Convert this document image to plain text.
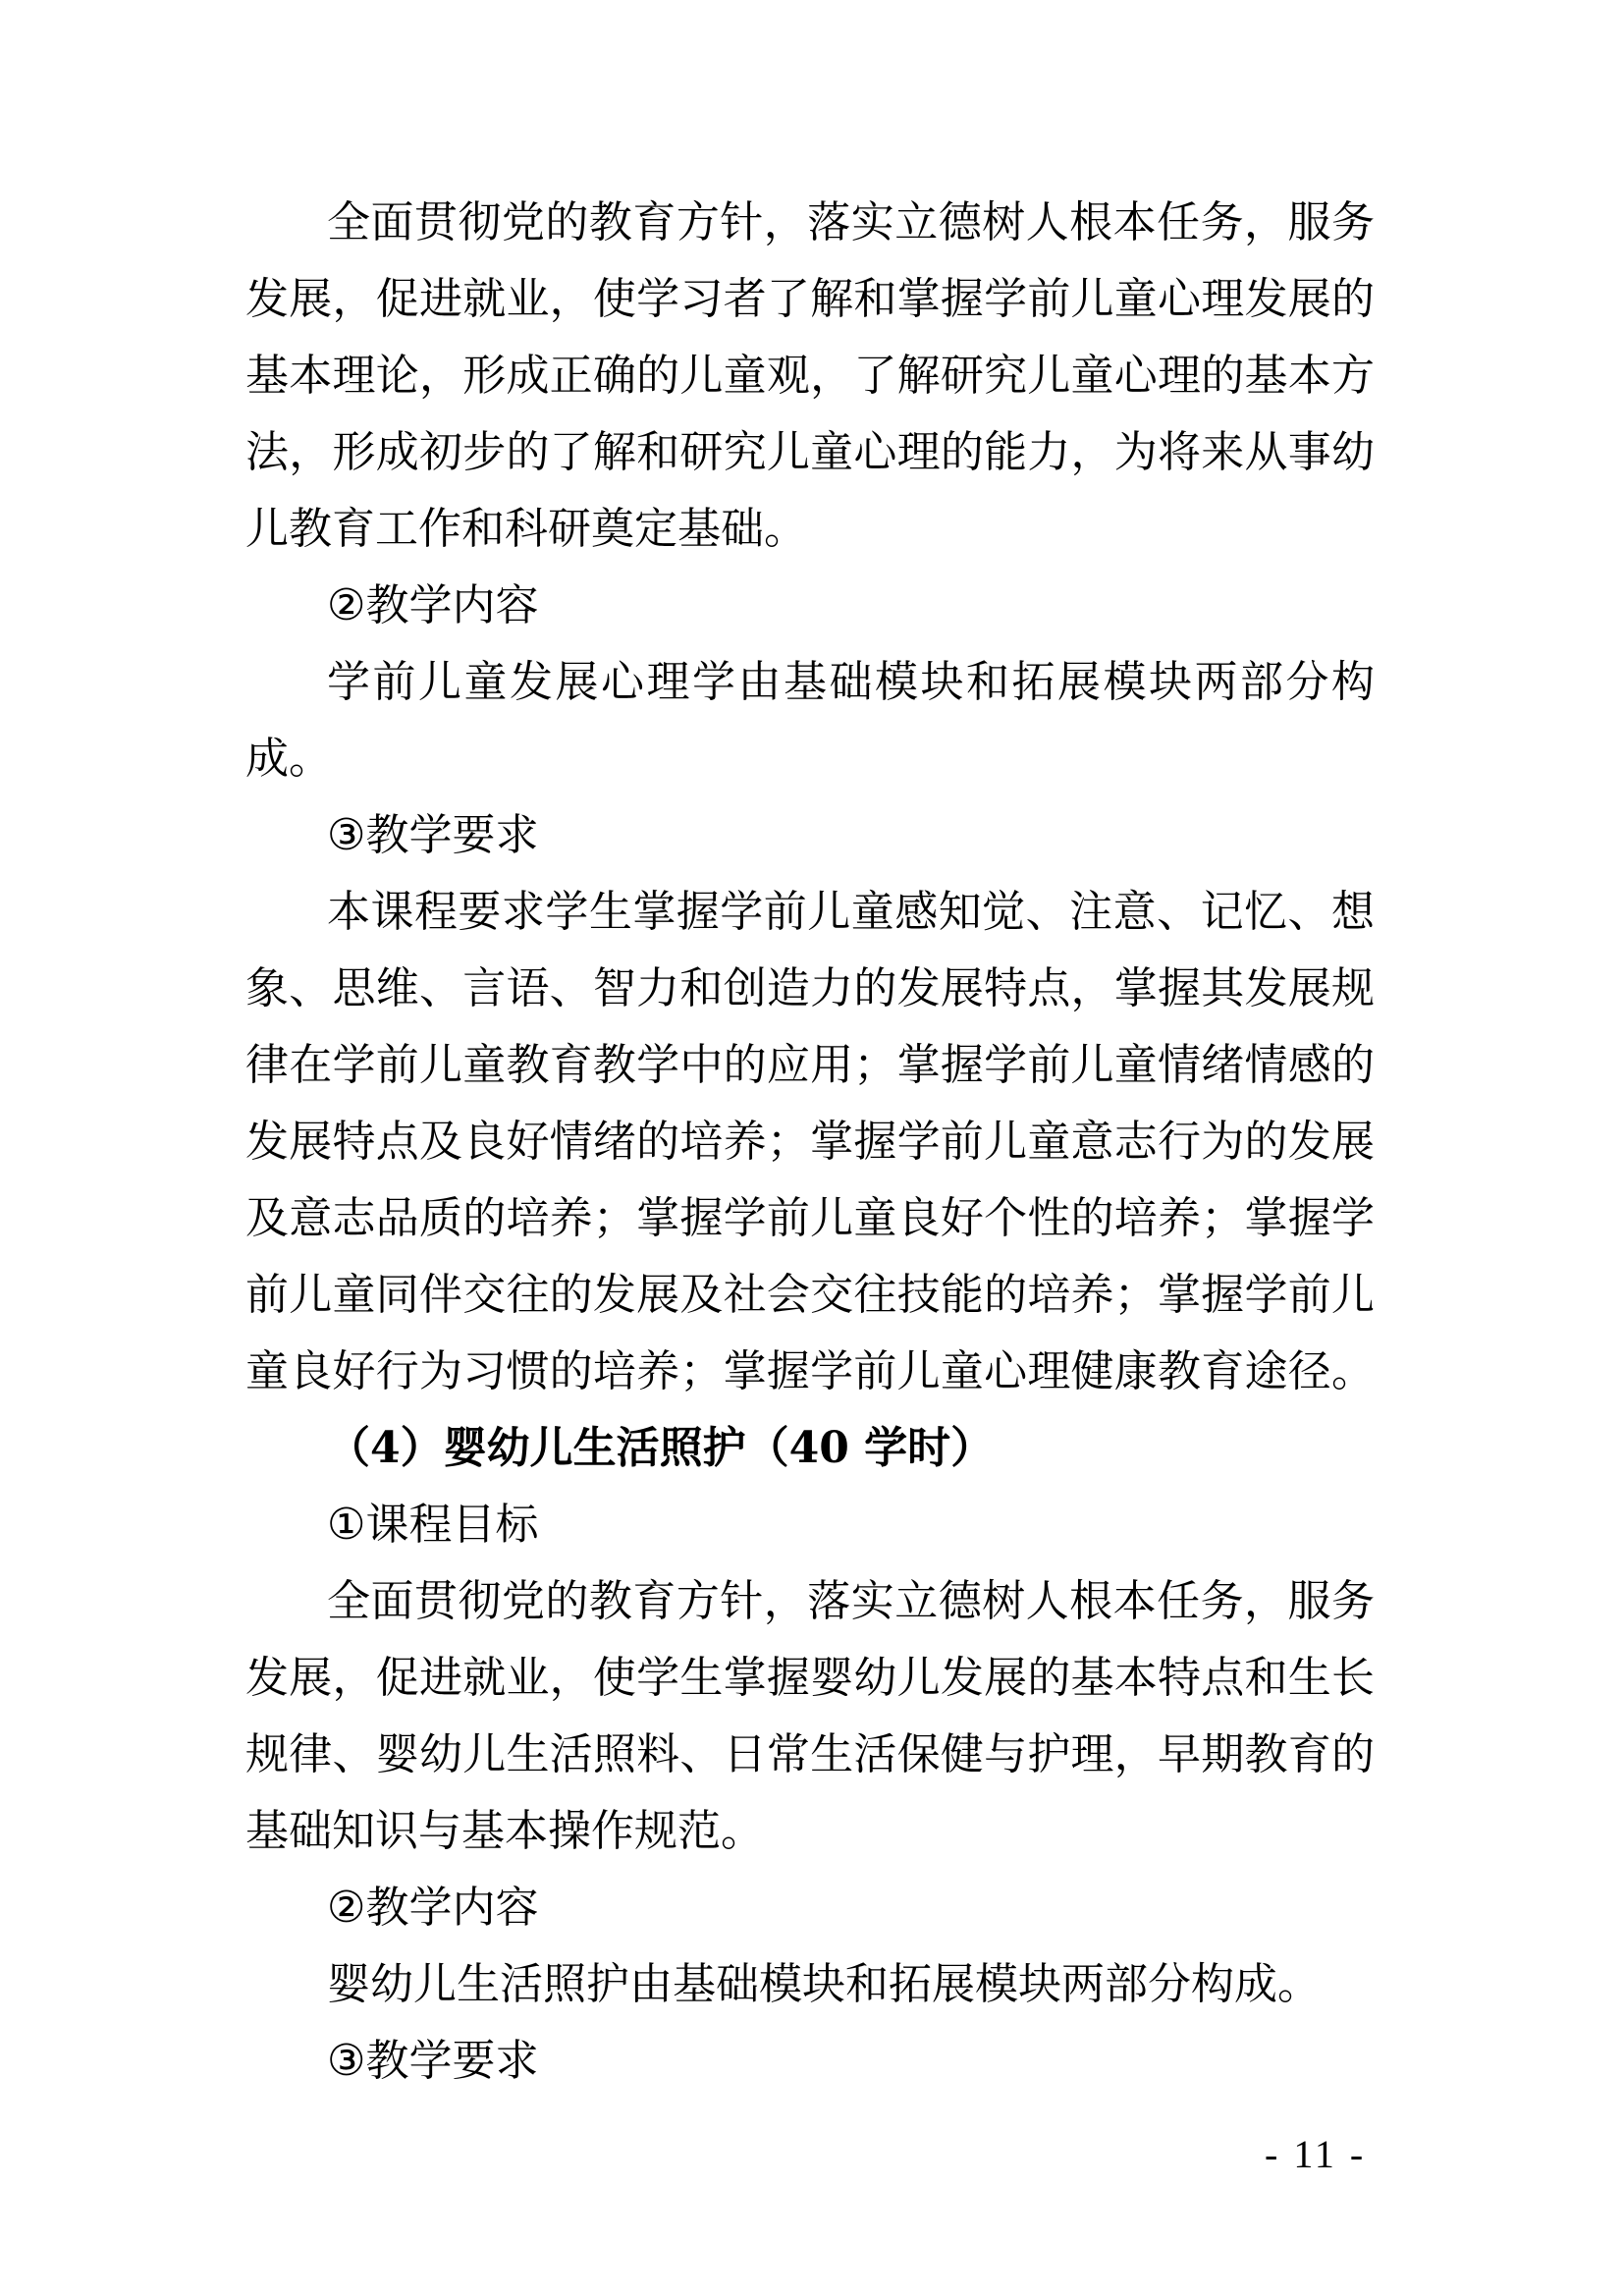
全面贯彻党的教育方针，落实立德树人根本任务，服务
发展，促进就业，使学习者了解和掌握学前儿童心理发展的
基本理论，形成正确的儿童观，了解研究儿童心理的基本方
法，形成初步的了解和研究儿童心理的能力，为将来从事幼
儿教育工作和科研奠定基础。
②教学内容
学前儿童发展心理学由基础模块和拓展模块两部分构
成。
③教学要求
本课程要求学生掌握学前儿童感知觉、注意、记忆、想
象、思维、言语、智力和创造力的发展特点，掌握其发展规
律在学前儿童教育教学中的应用；掌握学前儿童情绪情感的
发展特点及良好情绪的培养；掌握学前儿童意志行为的发展
及意志品质的培养；掌握学前儿童良好个性的培养；掌握学
前儿童同伴交往的发展及社会交往技能的培养；掌握学前儿
童良好行为习惯的培养；掌握学前儿童心理健康教育途径。
（4）婴幼儿生活照护（40 学时）
①课程目标
全面贯彻党的教育方针，落实立德树人根本任务，服务
发展，促进就业，使学生掌握婴幼儿发展的基本特点和生长
规律、婴幼儿生活照料、日常生活保健与护理，早期教育的
基础知识与基本操作规范。
②教学内容
婴幼儿生活照护由基础模块和拓展模块两部分构成。
③教学要求
- 11 -
